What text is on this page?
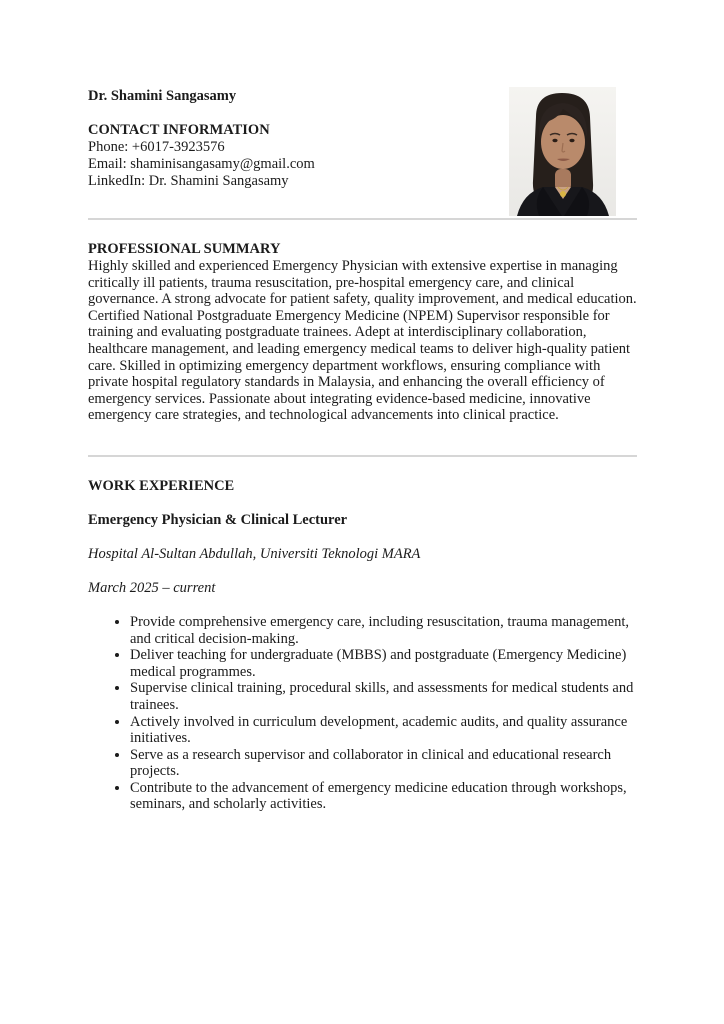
Dr. Shamini Sangasamy
CONTACT INFORMATION
Phone: +6017-3923576
Email: shaminisangasamy@gmail.com
LinkedIn: Dr. Shamini Sangasamy
PROFESSIONAL SUMMARY
Highly skilled and experienced Emergency Physician with extensive expertise in managing critically ill patients, trauma resuscitation, pre-hospital emergency care, and clinical governance. A strong advocate for patient safety, quality improvement, and medical education. Certified National Postgraduate Emergency Medicine (NPEM) Supervisor responsible for training and evaluating postgraduate trainees. Adept at interdisciplinary collaboration, healthcare management, and leading emergency medical teams to deliver high-quality patient care. Skilled in optimizing emergency department workflows, ensuring compliance with private hospital regulatory standards in Malaysia, and enhancing the overall efficiency of emergency services. Passionate about integrating evidence-based medicine, innovative emergency care strategies, and technological advancements into clinical practice.
WORK EXPERIENCE
Emergency Physician & Clinical Lecturer
Hospital Al-Sultan Abdullah, Universiti Teknologi MARA
March 2025 – current
• Provide comprehensive emergency care, including resuscitation, trauma management, and critical decision-making.
• Deliver teaching for undergraduate (MBBS) and postgraduate (Emergency Medicine) medical programmes.
• Supervise clinical training, procedural skills, and assessments for medical students and trainees.
• Actively involved in curriculum development, academic audits, and quality assurance initiatives.
• Serve as a research supervisor and collaborator in clinical and educational research projects.
• Contribute to the advancement of emergency medicine education through workshops, seminars, and scholarly activities.
